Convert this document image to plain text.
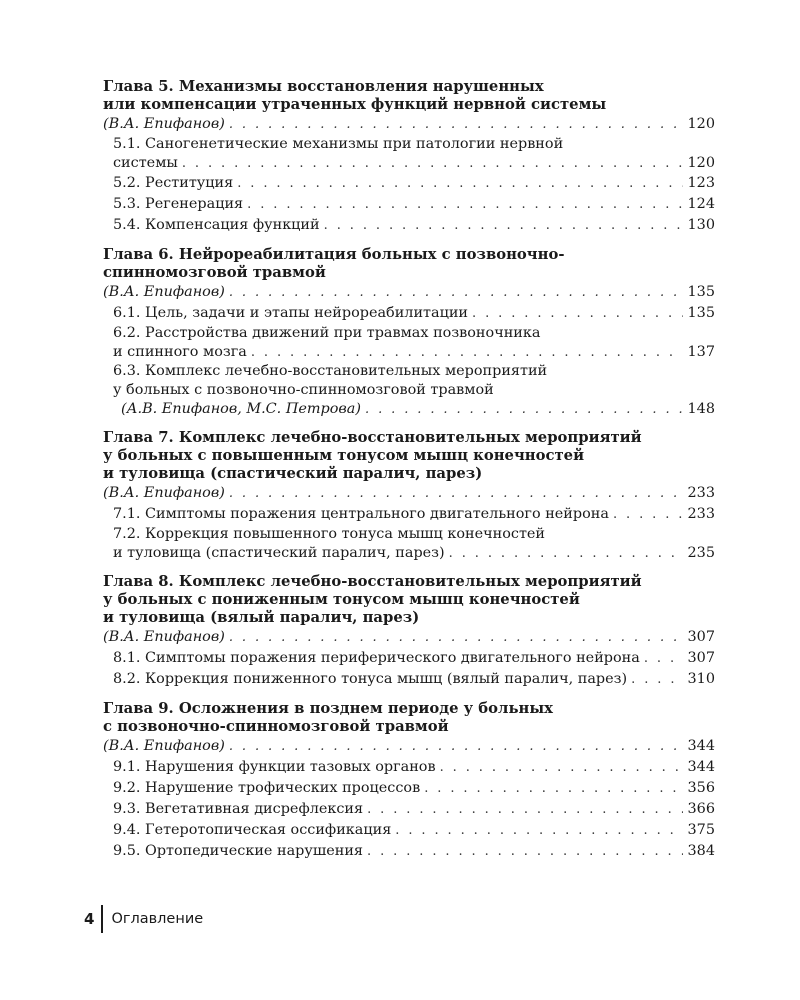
Глава 5. Механизмы восстановления нарушенных
или компенсации утраченных функций нервной системы
(В.А. Епифанов) . . .	120
5.1. Саногенетические механизмы при патологии нервной
системы . . .	120
5.2. Реституция . . .	123
5.3. Регенерация . . .	124
5.4. Компенсация функций . . .	130
Глава 6. Нейрореабилитация больных с позвоночно-
спинномозговой травмой
(В.А. Епифанов) . . .	135
6.1. Цель, задачи и этапы нейрореабилитации . . .	135
6.2. Расстройства движений при травмах позвоночника
и спинного мозга . . .	137
6.3. Комплекс лечебно-восстановительных мероприятий
у больных с позвоночно-спинномозговой травмой
(А.В. Епифанов, М.С. Петрова) . . .	148
Глава 7. Комплекс лечебно-восстановительных мероприятий
у больных с повышенным тонусом мышц конечностей
и туловища (спастический паралич, парез)
(В.А. Епифанов) . . .	233
7.1. Симптомы поражения центрального двигательного нейрона . . .	233
7.2. Коррекция повышенного тонуса мышц конечностей
и туловища (спастический паралич, парез) . . .	235
Глава 8. Комплекс лечебно-восстановительных мероприятий
у больных с пониженным тонусом мышц конечностей
и туловища (вялый паралич, парез)
(В.А. Епифанов) . . .	307
8.1. Симптомы поражения периферического двигательного нейрона . . .	307
8.2. Коррекция пониженного тонуса мышц (вялый паралич, парез) . . .	310
Глава 9. Осложнения в позднем периоде у больных
с позвоночно-спинномозговой травмой
(В.А. Епифанов) . . .	344
9.1. Нарушения функции тазовых органов . . .	344
9.2. Нарушение трофических процессов . . .	356
9.3. Вегетативная дисрефлексия . . .	366
9.4. Гетеротопическая оссификация . . .	375
9.5. Ортопедические нарушения . . .	384
4	Оглавление
